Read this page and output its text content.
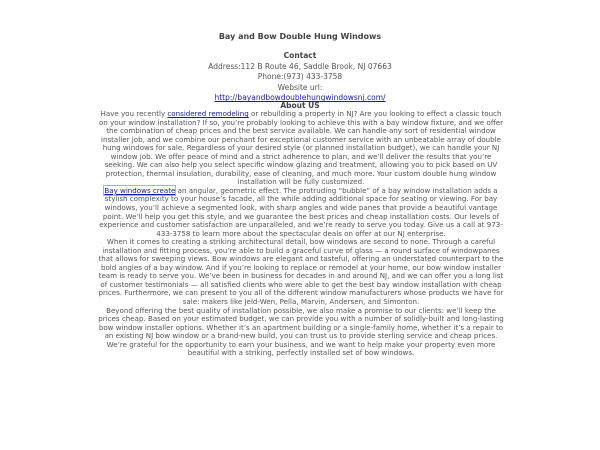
Bay and Bow Double Hung Windows
Contact
Address:112 B Route 46, Saddle Brook, NJ 07663
Phone:(973) 433-3758
Website url:
http://bayandbowdoublehungwindowsnj.com/
About US

Have you recently considered remodeling or rebuilding a property in NJ? Are you looking to effect a classic touch on your window installation? If so, you’re probably looking to achieve this with a bay window fixture, and we offer the combination of cheap prices and the best service available. We can handle any sort of residential window installer job, and we combine our penchant for exceptional customer service with an unbeatable array of double hung windows for sale. Regardless of your desired style (or planned installation budget), we can handle your NJ window job. We offer peace of mind and a strict adherence to plan, and we’ll deliver the results that you’re seeking. We can also help you select specific window glazing and treatment, allowing you to pick based on UV protection, thermal insulation, durability, ease of cleaning, and much more. Your custom double hung window installation will be fully customized.

Bay windows create an angular, geometric effect. The protruding “bubble” of a bay window installation adds a stylish complexity to your house’s facade, all the while adding additional space for seating or viewing. For bay windows, you’ll achieve a segmented look, with sharp angles and wide panes that provide a beautiful vantage point. We’ll help you get this style, and we guarantee the best prices and cheap installation costs. Our levels of experience and customer satisfaction are unparalleled, and we’re ready to serve you today. Give us a call at 973-433-3758 to learn more about the spectacular deals on offer at our NJ enterprise.

When it comes to creating a striking architectural detail, bow windows are second to none. Through a careful installation and fitting process, you’re able to build a graceful curve of glass — a round surface of windowpanes that allows for sweeping views. Bow windows are elegant and tasteful, offering an understated counterpart to the bold angles of a bay window. And if you’re looking to replace or remodel at your home, our bow window installer team is ready to serve you. We’ve been in business for decades in and around NJ, and we can offer you a long list of customer testimonials — all satisfied clients who were able to get the best bay window installation with cheap prices. Furthermore, we can present to you all of the different window manufacturers whose products we have for sale: makers like Jeld-Wen, Pella, Marvin, Andersen, and Simonton.

Beyond offering the best quality of installation possible, we also make a promise to our clients: we’ll keep the prices cheap. Based on your estimated budget, we can provide you with a number of solidly-built and long-lasting bow window installer options. Whether it’s an apartment building or a single-family home, whether it’s a repair to an existing NJ bow window or a brand-new build, you can trust us to provide sterling service and cheap prices. We’re grateful for the opportunity to earn your business, and we want to help make your property even more beautiful with a striking, perfectly installed set of bow windows.
